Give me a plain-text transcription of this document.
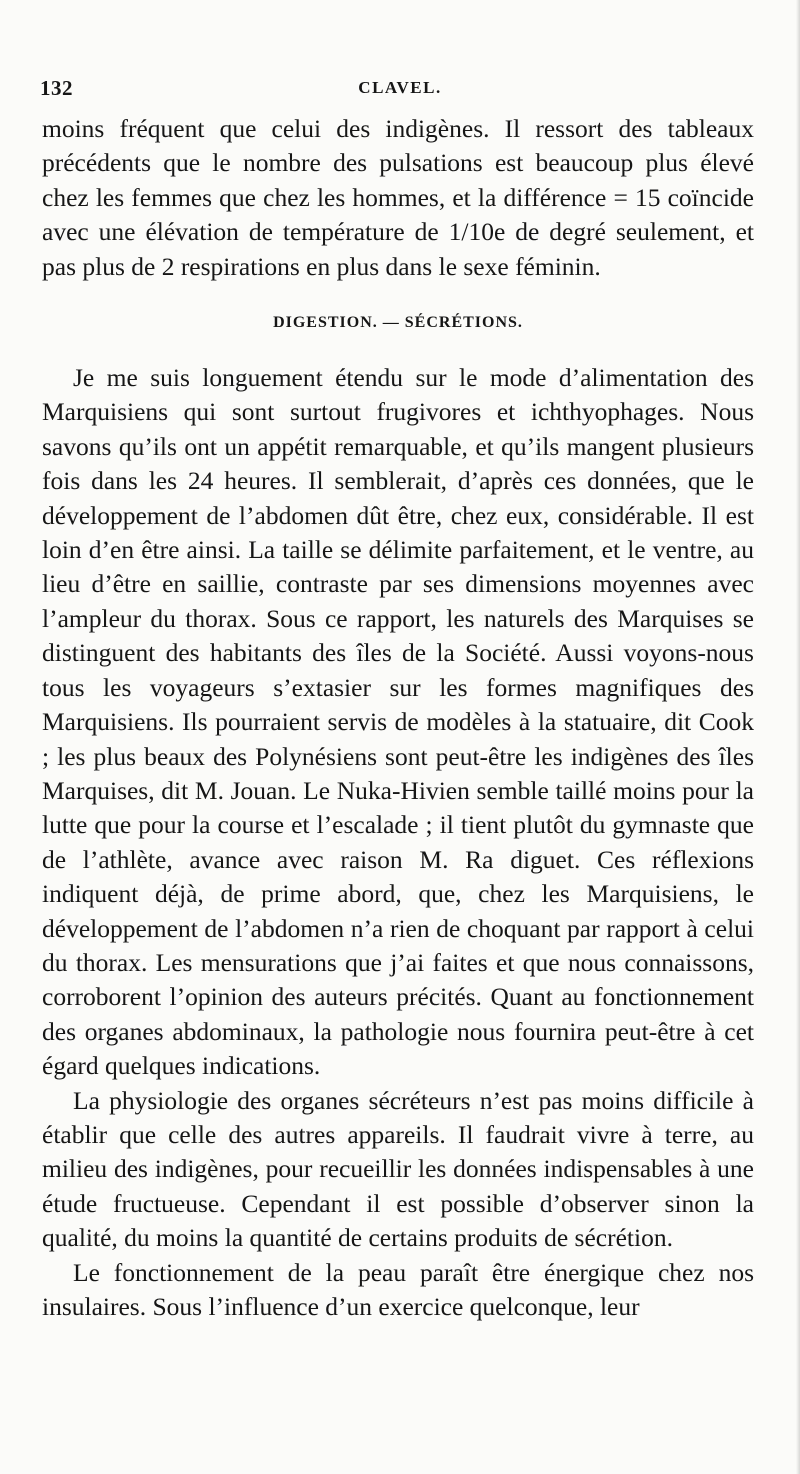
132	CLAVEL.

moins fréquent que celui des indigènes. Il ressort des tableaux précédents que le nombre des pulsations est beaucoup plus élevé chez les femmes que chez les hommes, et la différence = 15 coïncide avec une élévation de température de 1/10e de degré seulement, et pas plus de 2 respirations en plus dans le sexe féminin.

DIGESTION. — SÉCRÉTIONS.

Je me suis longuement étendu sur le mode d’alimentation des Marquisiens qui sont surtout frugivores et ichthyophages. Nous savons qu’ils ont un appétit remarquable, et qu’ils mangent plusieurs fois dans les 24 heures. Il semblerait, d’après ces données, que le développement de l’abdomen dût être, chez eux, considérable. Il est loin d’en être ainsi. La taille se délimite parfaitement, et le ventre, au lieu d’être en saillie, contraste par ses dimensions moyennes avec l’ampleur du thorax. Sous ce rapport, les naturels des Marquises se distinguent des habitants des îles de la Société. Aussi voyons-nous tous les voyageurs s’extasier sur les formes magnifiques des Marquisiens. Ils pourraient servis de modèles à la statuaire, dit Cook ; les plus beaux des Polynésiens sont peut-être les indigènes des îles Marquises, dit M. Jouan. Le Nuka-Hivien semble taillé moins pour la lutte que pour la course et l’escalade ; il tient plutôt du gymnaste que de l’athlète, avance avec raison M. Ra diguet. Ces réflexions indiquent déjà, de prime abord, que, chez les Marquisiens, le développement de l’abdomen n’a rien de choquant par rapport à celui du thorax. Les mensurations que j’ai faites et que nous connaissons, corroborent l’opinion des auteurs précités. Quant au fonctionnement des organes abdominaux, la pathologie nous fournira peut-être à cet égard quelques indications.

La physiologie des organes sécréteurs n’est pas moins difficile à établir que celle des autres appareils. Il faudrait vivre à terre, au milieu des indigènes, pour recueillir les données indispensables à une étude fructueuse. Cependant il est possible d’observer sinon la qualité, du moins la quantité de certains produits de sécrétion.

Le fonctionnement de la peau paraît être énergique chez nos insulaires. Sous l’influence d’un exercice quelconque, leur
